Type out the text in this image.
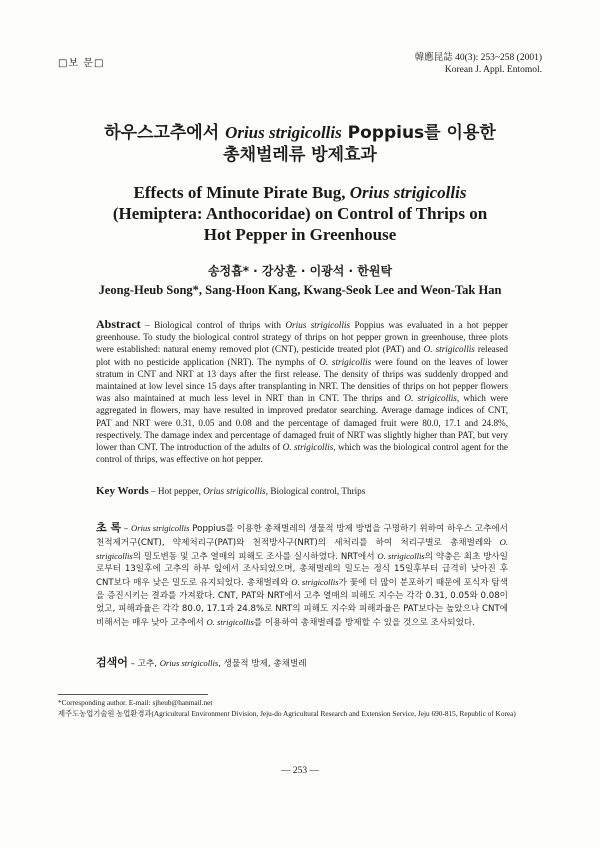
□보 문□	韓應昆誌 40(3): 253~258 (2001)
Korean J. Appl. Entomol.
하우스고추에서 Orius strigicollis Poppius를 이용한
총채벌레류 방제효과
Effects of Minute Pirate Bug, Orius strigicollis
(Hemiptera: Anthocoridae) on Control of Thrips on
Hot Pepper in Greenhouse
송정흡* · 강상훈 · 이광석 · 한원탁
Jeong-Heub Song*, Sang-Hoon Kang, Kwang-Seok Lee and Weon-Tak Han
Abstract – Biological control of thrips with Orius strigicollis Poppius was evaluated in a hot pepper greenhouse. To study the biological control strategy of thrips on hot pepper grown in greenhouse, three plots were established: natural enemy removed plot (CNT), pesticide treated plot (PAT) and O. strigicollis released plot with no pesticide application (NRT). The nymphs of O. strigicollis were found on the leaves of lower stratum in CNT and NRT at 13 days after the first release. The density of thrips was suddenly dropped and maintained at low level since 15 days after transplanting in NRT. The densities of thrips on hot pepper flowers was also maintained at much less level in NRT than in CNT. The thrips and O. strigicollis, which were aggregated in flowers, may have resulted in improved predator searching. Average damage indices of CNT, PAT and NRT were 0.31, 0.05 and 0.08 and the percentage of damaged fruit were 80.0, 17.1 and 24.8%, respectively. The damage index and percentage of damaged fruit of NRT was slightly higher than PAT, but very lower than CNT. The introduction of the adults of O. strigicollis, which was the biological control agent for the control of thrips, was effective on hot pepper.
Key Words – Hot pepper, Orius strigicollis, Biological control, Thrips
초 록 – Orius strigicollis Poppius를 이용한 총채벌레의 생물적 방제 방법을 구명하기 위하여 하우스 고추에서 천적제거구(CNT), 약제처리구(PAT)와 천적방사구(NRT)의 세처리를 하여 처리구별로 총채벌레와 O. strigicollis의 밀도변동 및 고추 열매의 피해도 조사를 실시하였다. NRT에서 O. strigicollis의 약충은 최초 방사일로부터 13일후에 고추의 하부 잎에서 조사되었으며, 총채벌레의 밀도는 정식 15일후부터 급격히 낮아진 후 CNT보다 매우 낮은 밀도로 유지되었다. 총채벌레와 O. strigicollis가 꽃에 더 많이 분포하기 때문에 포식자 탐색을 증진시키는 결과를 가져왔다. CNT, PAT와 NRT에서 고추 열매의 피해도 지수는 각각 0.31, 0.05와 0.08이었고, 피해과율은 각각 80.0, 17.1과 24.8%로 NRT의 피해도 지수와 피해과율은 PAT보다는 높았으나 CNT에 비해서는 매우 낮아 고추에서 O. strigicollis를 이용하여 총채벌레를 방제할 수 있을 것으로 조사되었다.
검색어 – 고추, Orius strigicollis, 생물적 방제, 총채벌레
*Corresponding author. E-mail: sjheub@hanmail.net
제주도농업기술원 농업환경과(Agricultural Environment Division, Jeju-do Agricultural Research and Extension Service, Jeju 690-815, Republic of Korea)
— 253 —
